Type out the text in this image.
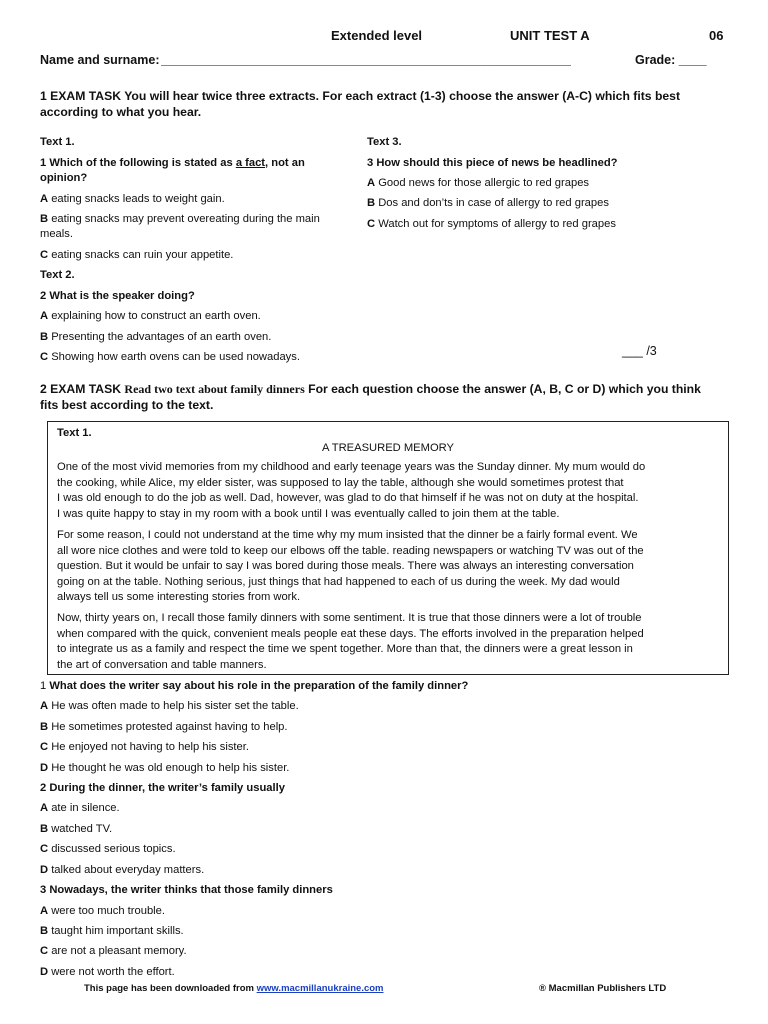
Extended level	UNIT TEST A	06
Name and surname: ___________________________________________________________	Grade: ____
1 EXAM TASK You will hear twice three extracts. For each extract (1-3) choose the answer (A-C) which fits best
according to what you hear.
Text 1.
1 Which of the following is stated as a fact, not an
opinion?
A eating snacks leads to weight gain.
B eating snacks may prevent overeating during the main
meals.
C eating snacks can ruin your appetite.
Text 2.
2 What is the speaker doing?
A explaining how to construct an earth oven.
B Presenting the advantages of an earth oven.
C Showing how earth ovens can be used nowadays.
Text 3.
3 How should this piece of news be headlined?
A Good news for those allergic to red grapes
B Dos and don’ts in case of allergy to red grapes
C Watch out for symptoms of allergy to red grapes
___ /3
2 EXAM TASK Read two text about family dinners For each question choose the answer (A, B, C or D) which you think
fits best according to the text.
Text 1.
A TREASURED MEMORY
One of the most vivid memories from my childhood and early teenage years was the Sunday dinner. My mum would do
the cooking, while Alice, my elder sister, was supposed to lay the table, although she would sometimes protest that
I was old enough to do the job as well. Dad, however, was glad to do that himself if he was not on duty at the hospital.
I was quite happy to stay in my room with a book until I was eventually called to join them at the table.
For some reason, I could not understand at the time why my mum insisted that the dinner be a fairly formal event. We
all wore nice clothes and were told to keep our elbows off the table. reading newspapers or watching TV was out of the
question. But it would be unfair to say I was bored during those meals. There was always an interesting conversation
going on at the table. Nothing serious, just things that had happened to each of us during the week. My dad would
always tell us some interesting stories from work.
Now, thirty years on, I recall those family dinners with some sentiment. It is true that those dinners were a lot of trouble
when compared with the quick, convenient meals people eat these days. The efforts involved in the preparation helped
to integrate us as a family and respect the time we spent together. More than that, the dinners were a great lesson in
the art of conversation and table manners.
1 What does the writer say about his role in the preparation of the family dinner?
A He was often made to help his sister set the table.
B He sometimes protested against having to help.
C He enjoyed not having to help his sister.
D He thought he was old enough to help his sister.
2 During the dinner, the writer’s family usually
A ate in silence.
B watched TV.
C discussed serious topics.
D talked about everyday matters.
3 Nowadays, the writer thinks that those family dinners
A were too much trouble.
B taught him important skills.
C are not a pleasant memory.
D were not worth the effort.
This page has been downloaded from www.macmillanukraine.com	® Macmillan Publishers LTD
